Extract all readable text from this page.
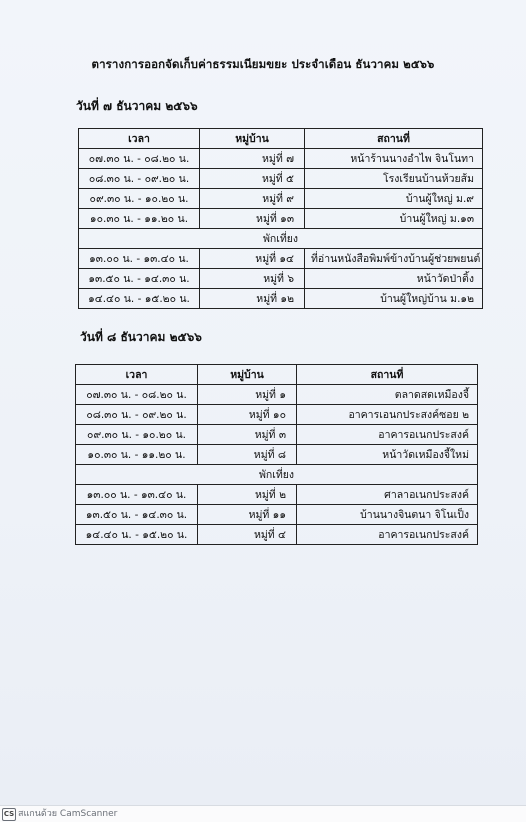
ตารางการออกจัดเก็บค่าธรรมเนียมขยะ ประจำเดือน ธันวาคม ๒๕๖๖
วันที่ ๗ ธันวาคม ๒๕๖๖
เวลา	หมู่บ้าน	สถานที่
๐๗.๓๐ น. - ๐๘.๒๐ น.	หมู่ที่ ๗	หน้าร้านนางอำไพ จินโนทา
๐๘.๓๐ น. - ๐๙.๒๐ น.	หมู่ที่ ๕	โรงเรียนบ้านห้วยส้ม
๐๙.๓๐ น. - ๑๐.๒๐ น.	หมู่ที่ ๙	บ้านผู้ใหญ่ ม.๙
๑๐.๓๐ น. - ๑๑.๒๐ น.	หมู่ที่ ๑๓	บ้านผู้ใหญ่ ม.๑๓
พักเที่ยง		
๑๓.๐๐ น. - ๑๓.๔๐ น.	หมู่ที่ ๑๔	ที่อ่านหนังสือพิมพ์ข้างบ้านผู้ช่วยพยนต์
๑๓.๕๐ น. - ๑๔.๓๐ น.	หมู่ที่ ๖	หน้าวัดป่าติ้ง
๑๔.๔๐ น. - ๑๕.๒๐ น.	หมู่ที่ ๑๒	บ้านผู้ใหญ่บ้าน ม.๑๒
วันที่ ๘ ธันวาคม ๒๕๖๖
เวลา	หมู่บ้าน	สถานที่
๐๗.๓๐ น. - ๐๘.๒๐ น.	หมู่ที่ ๑	ตลาดสดเหมืองจี้
๐๘.๓๐ น. - ๐๙.๒๐ น.	หมู่ที่ ๑๐	อาคารเอนกประสงค์ซอย ๒
๐๙.๓๐ น. - ๑๐.๒๐ น.	หมู่ที่ ๓	อาคารอเนกประสงค์
๑๐.๓๐ น. - ๑๑.๒๐ น.	หมู่ที่ ๘	หน้าวัดเหมืองจี้ใหม่
พักเที่ยง		
๑๓.๐๐ น. - ๑๓.๔๐ น.	หมู่ที่ ๒	ศาลาอเนกประสงค์
๑๓.๕๐ น. - ๑๔.๓๐ น.	หมู่ที่ ๑๑	บ้านนางจินตนา จิโนเป็ง
๑๔.๔๐ น. - ๑๕.๒๐ น.	หมู่ที่ ๔	อาคารอเนกประสงค์
CS สแกนด้วย CamScanner
